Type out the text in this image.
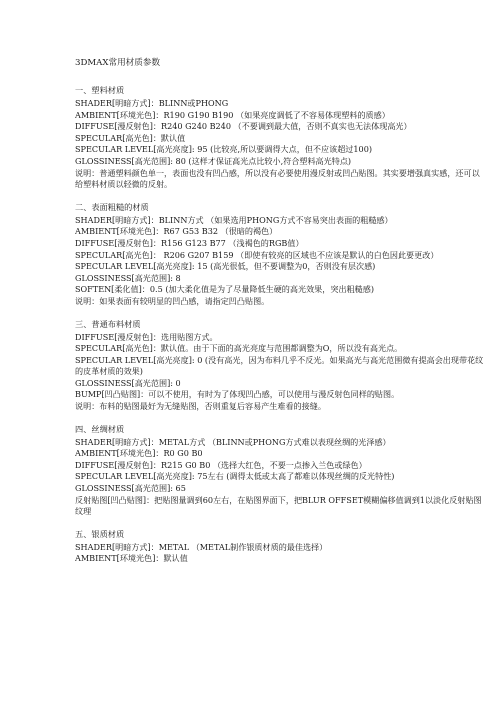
3DMAX常用材质参数
一、塑料材质
SHADER[明暗方式]：BLINN或PHONG
AMBIENT[环境光色]：R190 G190 B190 （如果亮度调低了不容易体现塑料的质感）
DIFFUSE[漫反射色]：R240 G240 B240 （不要调到最大值，否则不真实也无法体现高光）
SPECULAR[高光色]：默认值
SPECULAR LEVEL[高光亮度]: 95 (比较亮,所以要调得大点，但不应该超过100)
GLOSSINESS[高光范围]: 80 (这样才保证高光点比较小,符合塑料高光特点)
说明：普通塑料颜色单一，表面也没有凹凸感，所以没有必要使用漫反射或凹凸贴图。其实要增强真实感，还可以给塑料材质以轻微的反射。
二、表面粗糙的材质
SHADER[明暗方式]：BLINN方式 （如果选用PHONG方式不容易突出表面的粗糙感）
AMBIENT[环境光色]：R67 G53 B32 （很暗的褐色）
DIFFUSE[漫反射色]：R156 G123 B77 （浅褐色的RGB值）
SPECULAR[高光色]： R206 G207 B159 （即使有较亮的区域也不应该是默认的白色因此要更改）
SPECULAR LEVEL[高光亮度]: 15 (高光很低，但不要调整为0，否则没有层次感)
GLOSSINESS[高光范围]: 8
SOFTEN[柔化值]：0.5 (加大柔化值是为了尽量降低生硬的高光效果，突出粗糙感)
说明：如果表面有较明显的凹凸感，请指定凹凸贴图。
三、普通布料材质
DIFFUSE[漫反射色]：选用贴图方式。
SPECULAR[高光色]：默认值。由于下面的高光亮度与范围都调整为O，所以没有高光点。
SPECULAR LEVEL[高光亮度]: 0 (没有高光，因为布料几乎不反光。如果高光与高光范围微有提高会出现带花纹的皮革材质的效果)
GLOSSINESS[高光范围]: 0
BUMP[凹凸贴图]：可以不使用，有时为了体现凹凸感，可以使用与漫反射色同样的贴图。
说明：布料的贴图最好为无缝贴图，否则重复后容易产生难看的接缝。
四、丝绸材质
SHADER[明暗方式]：METAL方式 （BLINN或PHONG方式难以表现丝绸的光泽感）
AMBIENT[环境光色]：R0 G0 B0
DIFFUSE[漫反射色]：R215 G0 B0 （选择大红色，不要一点掺入兰色或绿色）
SPECULAR LEVEL[高光亮度]: 75左右 (调得太低或太高了都难以体现丝绸的反光特性)
GLOSSINESS[高光范围]: 65
反射贴图[凹凸贴图]：把贴图量调到60左右，在贴图界面下，把BLUR OFFSET模糊偏移值调到1以淡化反射贴图纹理
五、银质材质
SHADER[明暗方式]：METAL （METAL制作银质材质的最佳选择）
AMBIENT[环境光色]：默认值
